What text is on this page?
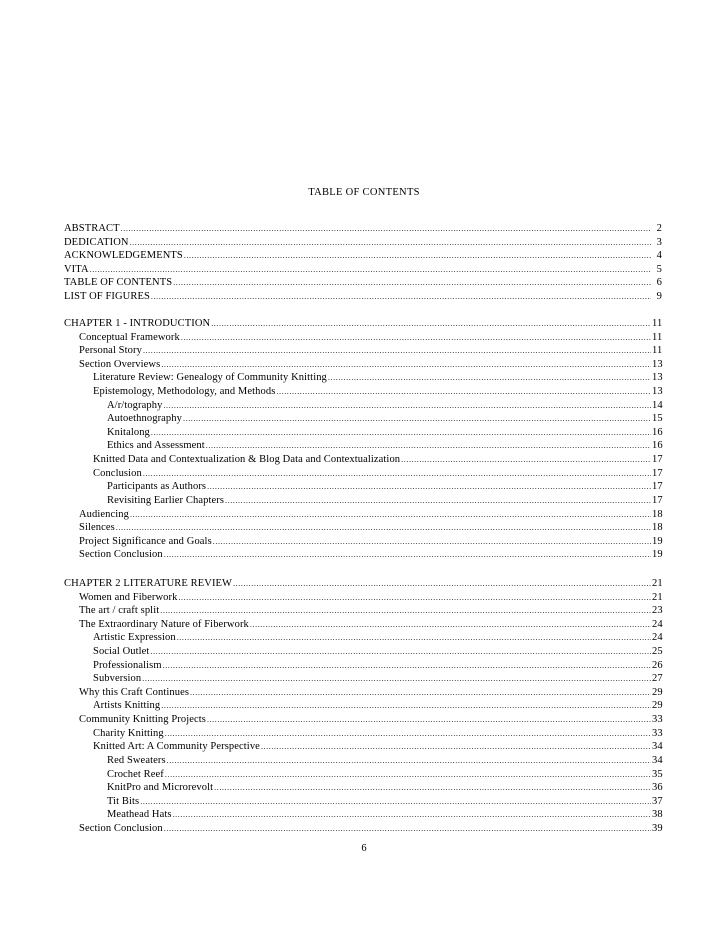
TABLE OF CONTENTS
ABSTRACT .....	2
DEDICATION .....	3
ACKNOWLEDGEMENTS .....	4
VITA .....	5
TABLE OF CONTENTS .....	6
LIST OF FIGURES .....	9
CHAPTER 1 - INTRODUCTION .....	11
Conceptual Framework .....	11
Personal Story .....	11
Section Overviews .....	13
Literature Review: Genealogy of Community Knitting .....	13
Epistemology, Methodology, and Methods .....	13
A/r/tography .....	14
Autoethnography .....	15
Knitalong .....	16
Ethics and Assessment .....	16
Knitted Data and Contextualization & Blog Data and Contextualization .....	17
Conclusion .....	17
Participants as Authors .....	17
Revisiting Earlier Chapters .....	17
Audiencing .....	18
Silences .....	18
Project Significance and Goals .....	19
Section Conclusion .....	19
CHAPTER 2 LITERATURE REVIEW .....	21
Women and Fiberwork .....	21
The art / craft split .....	23
The Extraordinary Nature of Fiberwork .....	24
Artistic Expression .....	24
Social Outlet .....	25
Professionalism .....	26
Subversion .....	27
Why this Craft Continues .....	29
Artists Knitting .....	29
Community Knitting Projects .....	33
Charity Knitting .....	33
Knitted Art: A Community Perspective .....	34
Red Sweaters .....	34
Crochet Reef .....	35
KnitPro and Microrevolt .....	36
Tit Bits .....	37
Meathead Hats .....	38
Section Conclusion .....	39
6
